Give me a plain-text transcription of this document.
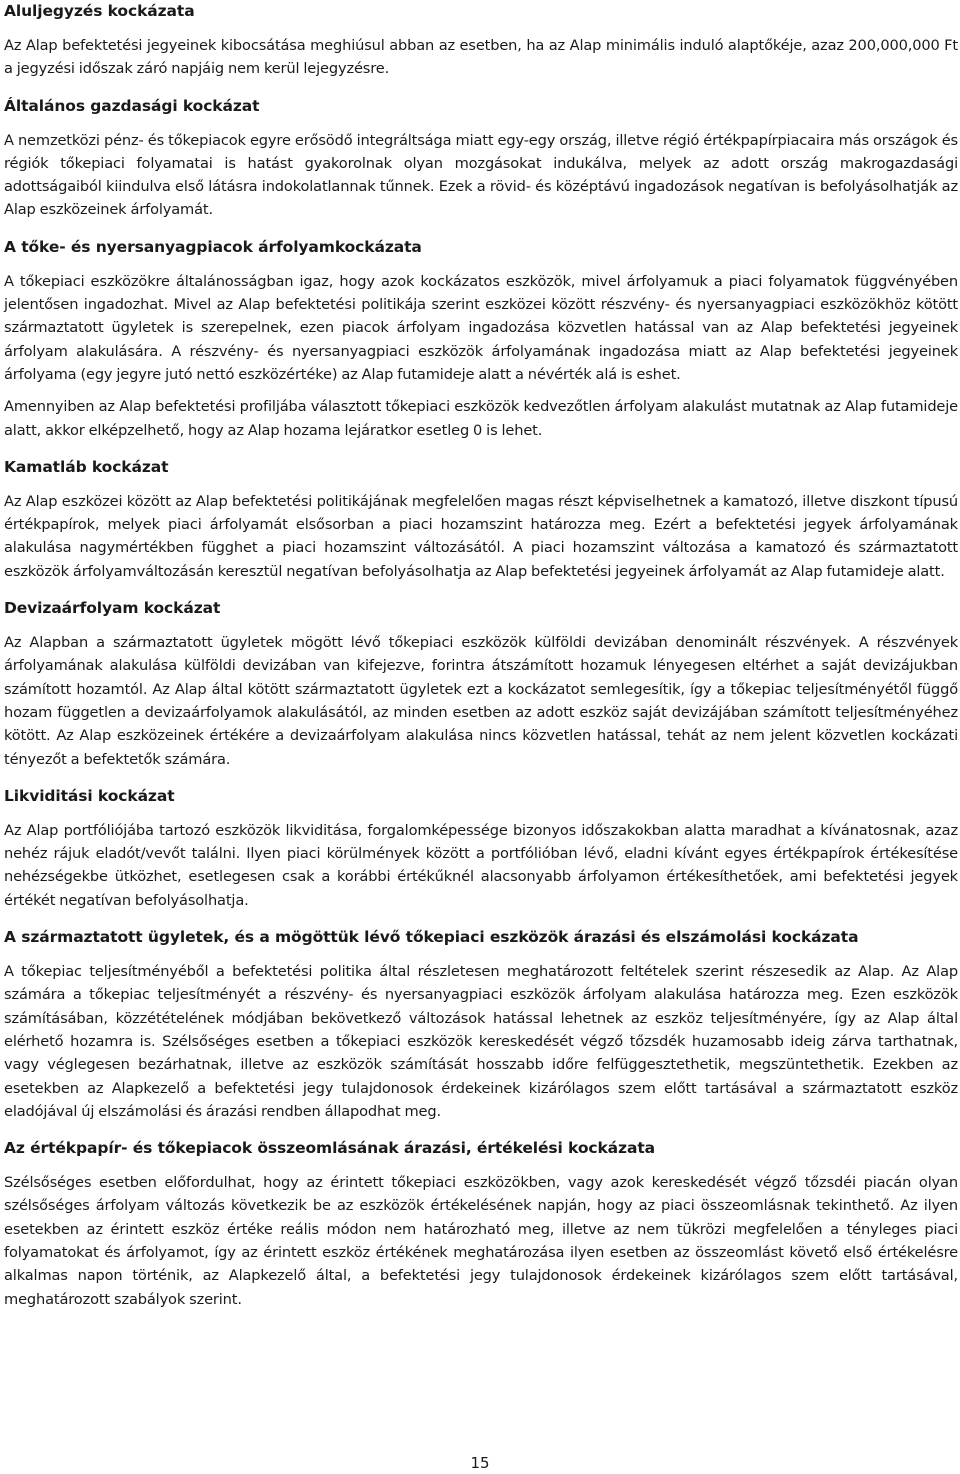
Aluljegyzés kockázata

Az Alap befektetési jegyeinek kibocsátása meghiúsul abban az esetben, ha az Alap minimális induló alaptőkéje, azaz 200,000,000 Ft a jegyzési időszak záró napjáig nem kerül lejegyzésre.

Általános gazdasági kockázat

A nemzetközi pénz- és tőkepiacok egyre erősödő integráltsága miatt egy-egy ország, illetve régió értékpapírpiacaira más országok és régiók tőkepiaci folyamatai is hatást gyakorolnak olyan mozgásokat indukálva, melyek az adott ország makrogazdasági adottságaiból kiindulva első látásra indokolatlannak tűnnek. Ezek a rövid- és középtávú ingadozások negatívan is befolyásolhatják az Alap eszközeinek árfolyamát.

A tőke- és nyersanyagpiacok árfolyamkockázata

A tőkepiaci eszközökre általánosságban igaz, hogy azok kockázatos eszközök, mivel árfolyamuk a piaci folyamatok függvényében jelentősen ingadozhat. Mivel az Alap befektetési politikája szerint eszközei között részvény- és nyersanyagpiaci eszközökhöz kötött származtatott ügyletek is szerepelnek, ezen piacok árfolyam ingadozása közvetlen hatással van az Alap befektetési jegyeinek árfolyam alakulására. A részvény- és nyersanyagpiaci eszközök árfolyamának ingadozása miatt az Alap befektetési jegyeinek árfolyama (egy jegyre jutó nettó eszközértéke) az Alap futamideje alatt a névérték alá is eshet.

Amennyiben az Alap befektetési profiljába választott tőkepiaci eszközök kedvezőtlen árfolyam alakulást mutatnak az Alap futamideje alatt, akkor elképzelhető, hogy az Alap hozama lejáratkor esetleg 0 is lehet.

Kamatláb kockázat

Az Alap eszközei között az Alap befektetési politikájának megfelelően magas részt képviselhetnek a kamatozó, illetve diszkont típusú értékpapírok, melyek piaci árfolyamát elsősorban a piaci hozamszint határozza meg. Ezért a befektetési jegyek árfolyamának alakulása nagymértékben függhet a piaci hozamszint változásától. A piaci hozamszint változása a kamatozó és származtatott eszközök árfolyamváltozásán keresztül negatívan befolyásolhatja az Alap befektetési jegyeinek árfolyamát az Alap futamideje alatt.

Devizaárfolyam kockázat

Az Alapban a származtatott ügyletek mögött lévő tőkepiaci eszközök külföldi devizában denominált részvények. A részvények árfolyamának alakulása külföldi devizában van kifejezve, forintra átszámított hozamuk lényegesen eltérhet a saját devizájukban számított hozamtól. Az Alap által kötött származtatott ügyletek ezt a kockázatot semlegesítik, így a tőkepiac teljesítményétől függő hozam független a devizaárfolyamok alakulásától, az minden esetben az adott eszköz saját devizájában számított teljesítményéhez kötött. Az Alap eszközeinek értékére a devizaárfolyam alakulása nincs közvetlen hatással, tehát az nem jelent közvetlen kockázati tényezőt a befektetők számára.

Likviditási kockázat

Az Alap portfóliójába tartozó eszközök likviditása, forgalomképessége bizonyos időszakokban alatta maradhat a kívánatosnak, azaz nehéz rájuk eladót/vevőt találni. Ilyen piaci körülmények között a portfólióban lévő, eladni kívánt egyes értékpapírok értékesítése nehézségekbe ütközhet, esetlegesen csak a korábbi értékűknél alacsonyabb árfolyamon értékesíthetőek, ami befektetési jegyek értékét negatívan befolyásolhatja.

A származtatott ügyletek, és a mögöttük lévő tőkepiaci eszközök árazási és elszámolási kockázata

A tőkepiac teljesítményéből a befektetési politika által részletesen meghatározott feltételek szerint részesedik az Alap. Az Alap számára a tőkepiac teljesítményét a részvény- és nyersanyagpiaci eszközök árfolyam alakulása határozza meg. Ezen eszközök számításában, közzétételének módjában bekövetkező változások hatással lehetnek az eszköz teljesítményére, így az Alap által elérhető hozamra is. Szélsőséges esetben a tőkepiaci eszközök kereskedését végző tőzsdék huzamosabb ideig zárva tarthatnak, vagy véglegesen bezárhatnak, illetve az eszközök számítását hosszabb időre felfüggesztethetik, megszüntethetik. Ezekben az esetekben az Alapkezelő a befektetési jegy tulajdonosok érdekeinek kizárólagos szem előtt tartásával a származtatott eszköz eladójával új elszámolási és árazási rendben állapodhat meg.

Az értékpapír- és tőkepiacok összeomlásának árazási, értékelési kockázata

Szélsőséges esetben előfordulhat, hogy az érintett tőkepiaci eszközökben, vagy azok kereskedését végző tőzsdéi piacán olyan szélsőséges árfolyam változás következik be az eszközök értékelésének napján, hogy az piaci összeomlásnak tekinthető. Az ilyen esetekben az érintett eszköz értéke reális módon nem határozható meg, illetve az nem tükrözi megfelelően a tényleges piaci folyamatokat és árfolyamot, így az érintett eszköz értékének meghatározása ilyen esetben az összeomlást követő első értékelésre alkalmas napon történik, az Alapkezelő által, a befektetési jegy tulajdonosok érdekeinek kizárólagos szem előtt tartásával, meghatározott szabályok szerint.

15
